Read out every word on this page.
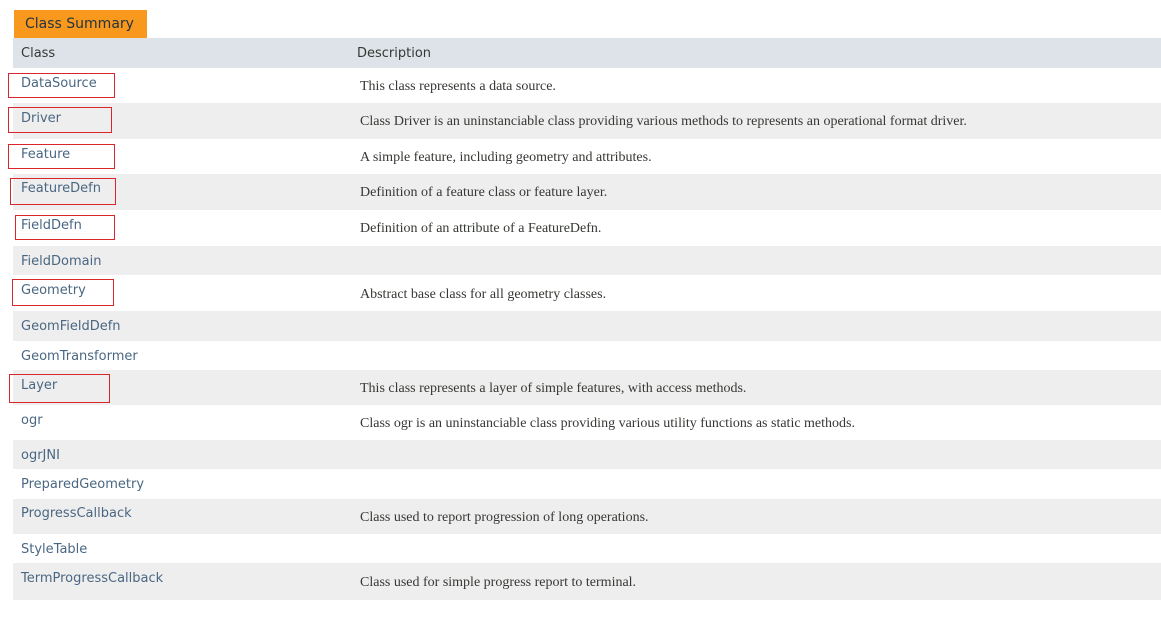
Class Summary
Class	Description
DataSource	This class represents a data source.
Driver	Class Driver is an uninstanciable class providing various methods to represents an operational format driver.
Feature	A simple feature, including geometry and attributes.
FeatureDefn	Definition of a feature class or feature layer.
FieldDefn	Definition of an attribute of a FeatureDefn.
FieldDomain
Geometry	Abstract base class for all geometry classes.
GeomFieldDefn
GeomTransformer
Layer	This class represents a layer of simple features, with access methods.
ogr	Class ogr is an uninstanciable class providing various utility functions as static methods.
ogrJNI
PreparedGeometry
ProgressCallback	Class used to report progression of long operations.
StyleTable
TermProgressCallback	Class used for simple progress report to terminal.
